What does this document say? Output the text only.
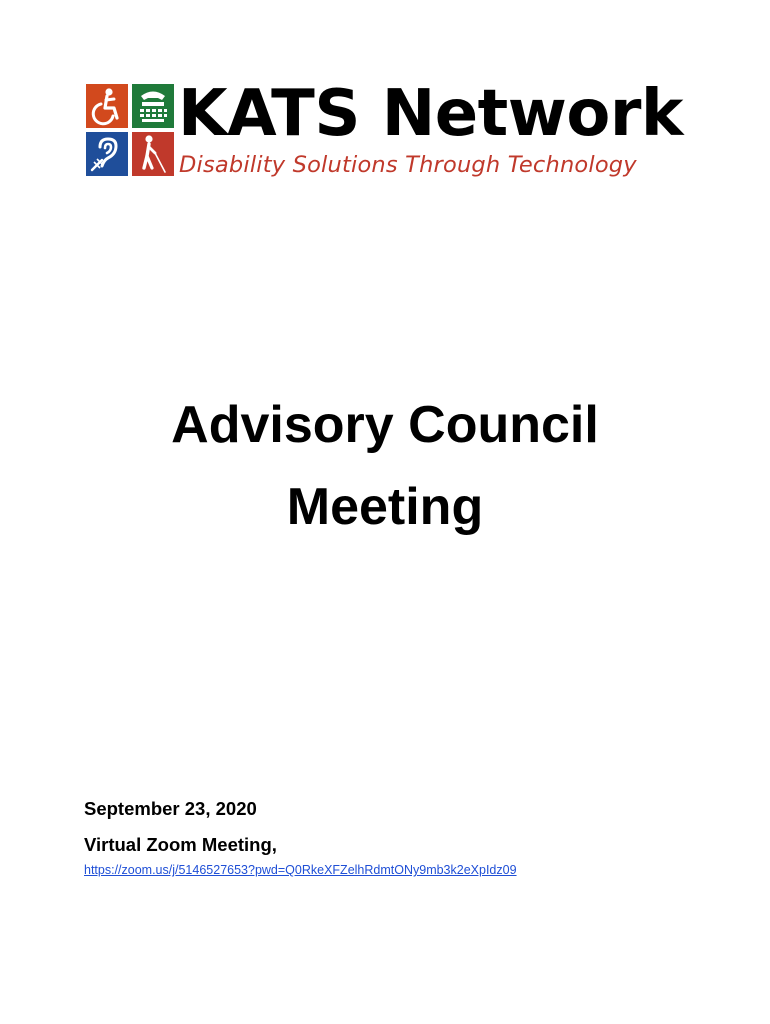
KATS Network
Disability Solutions Through Technology
Advisory Council
Meeting
September 23, 2020
Virtual Zoom Meeting,
https://zoom.us/j/5146527653?pwd=Q0RkeXFZelhRdmtONy9mb3k2eXpIdz09
